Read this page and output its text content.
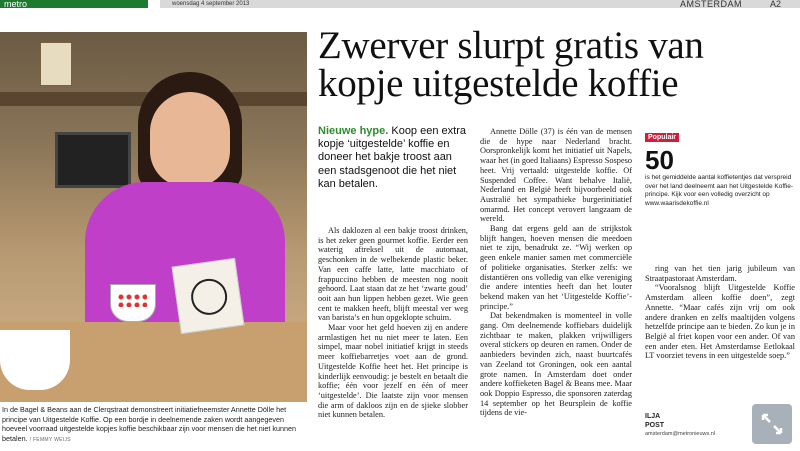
metro	woensdag 4 september 2013	AMSTERDAM	A2
In de Bagel & Beans aan de Clerqstraat demonstreert initiatiefneemster Annette Dölle het principe van Uitgestelde Koffie. Op een bordje in deelnemende zaken wordt aangegeven hoeveel voorraad uitgestelde kopjes koffie beschikbaar zijn voor mensen die het niet kunnen betalen. / FEMMY WEIJS
Zwerver slurpt gratis van kopje uitgestelde koffie

Nieuwe hype. Koop een extra kopje ‘uitgestelde’ koffie en doneer het bakje troost aan een stadsgenoot die het niet kan betalen.

Als daklozen al een bakje troost drinken, is het zeker geen gourmet koffie. Eerder een waterig aftreksel uit de automaat, geschonken in de welbekende plastic beker. Van een caffe latte, latte macchiato of frappuccino hebben de meesten nog nooit gehoord. Laat staan dat ze het ‘zwarte goud’ ooit aan hun lippen hebben gezet. Wie geen cent te makken heeft, blijft meestal ver weg van barista’s en hun opgeklopte schuim.

Maar voor het geld hoeven zij en andere armlastigen het nu niet meer te laten. Een simpel, maar nobel initiatief krijgt in steeds meer koffiebarretjes voet aan de grond. Uitgestelde Koffie heet het. Het principe is kinderlijk eenvoudig: je bestelt en betaalt die koffie; één voor jezelf en één of meer ‘uitgestelde’. Die laatste zijn voor mensen die arm of dakloos zijn en de sjieke slobber niet kunnen betalen.

Annette Dölle (37) is één van de mensen die de hype naar Nederland bracht. Oorspronkelijk komt het initiatief uit Napels, waar het (in goed Italiaans) Espresso Sospeso heet. Vrij vertaald: uitgestelde koffie. Of Suspended Coffee. Want behalve Italië, Nederland en België heeft bijvoorbeeld ook Australië het sympathieke burgerinitiatief omarmd. Het concept verovert langzaam de wereld.

Bang dat ergens geld aan de strijkstok blijft hangen, hoeven mensen die meedoen niet te zijn, benadrukt ze. “Wij werken op geen enkele manier samen met commerciële of politieke organisaties. Sterker zelfs: we distantiëren ons volledig van elke vereniging die andere intenties heeft dan het louter bekend maken van het ‘Uitgestelde Koffie’-principe.”

Dat bekendmaken is momenteel in volle gang. Om deelnemende koffiebars duidelijk zichtbaar te maken, plakken vrijwilligers overal stickers op deuren en ramen. Onder de aanbieders bevinden zich, naast buurtcafés van Zeeland tot Groningen, ook een aantal grote namen. In Amsterdam doet onder andere koffieketen Bagel & Beans mee. Maar ook Doppio Espresso, die sponsoren zaterdag 14 september op het Beursplein de koffie tijdens de vie-

Populair
50
is het gemiddelde aantal koffietentjes dat verspreid over het land deelneemt aan het Uitgestelde Koffie-principe. Kijk voor een volledig overzicht op www.waarisdekoffie.nl

ring van het tien jarig jubileum van Straatpastoraat Amsterdam.

“Vooralsnog blijft Uitgestelde Koffie Amsterdam alleen koffie doen”, zegt Annette. “Maar cafés zijn vrij om ook andere dranken en zelfs maaltijden volgens hetzelfde principe aan te bieden. Zo kun je in België al friet kopen voor een ander. Of van een ander eten. Het Amsterdamse Eetlokaal LT voorziet tevens in een uitgestelde soep.”

ILJA
POST
amsterdam@metronieuws.nl
